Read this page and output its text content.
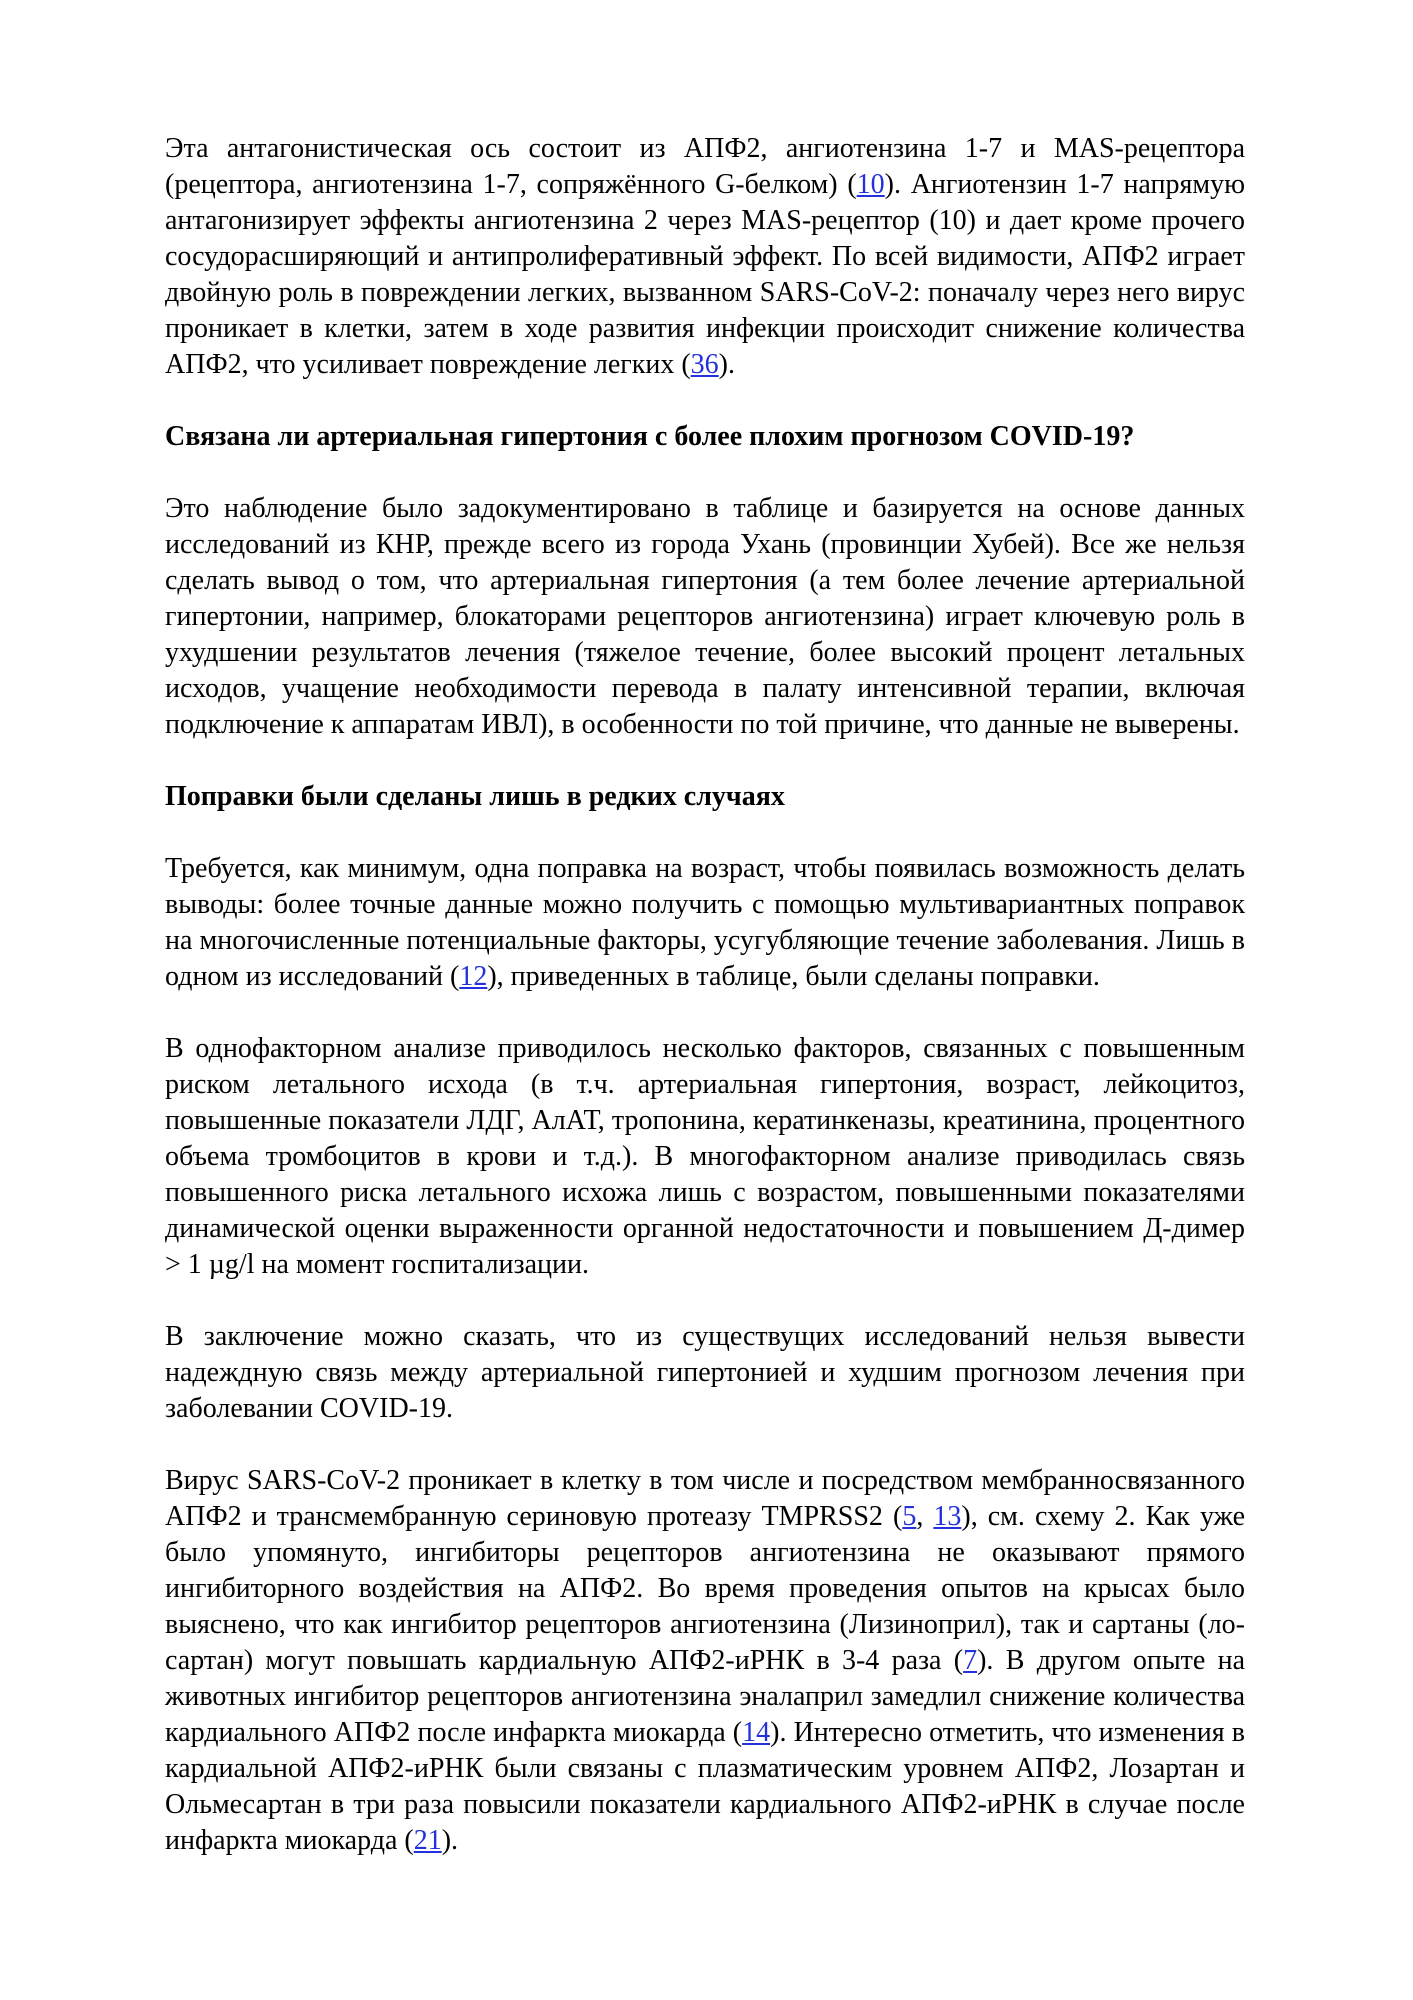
Эта антагонистическая ось состоит из АПФ2, ангиотензина 1-7 и MAS-рецептора (рецептора, ангиотензина 1-7, сопряжённого G-белком) (10). Ангиотензин 1-7 напрямую антагонизирует эффекты ангиотензина 2 через MAS-рецептор (10) и дает кроме прочего сосудорасширяющий и антипролиферативный эффект. По всей видимости, АПФ2 играет двойную роль в повреждении легких, вызванном SARS-CoV-2: поначалу через него вирус проникает в клетки, затем в ходе развития инфекции происходит снижение количества АПФ2, что усиливает повреждение легких (36).

Связана ли артериальная гипертония с более плохим прогнозом COVID-19?

Это наблюдение было задокументировано в таблице и базируется на основе данных исследований из КНР, прежде всего из города Ухань (провинции Хубей). Все же нельзя сделать вывод о том, что артериальная гипертония (а тем более лечение артериальной гипертонии, например, блокаторами рецепторов ангиотензина) играет ключевую роль в ухудшении результатов лечения (тяжелое течение, более высокий процент летальных исходов, учащение необходимости перевода в палату интенсивной терапии, включая подключение к аппаратам ИВЛ), в особенности по той причине, что данные не выверены.

Поправки были сделаны лишь в редких случаях

Требуется, как минимум, одна поправка на возраст, чтобы появилась возможность делать выводы: более точные данные можно получить с помощью мультивариантных поправок на многочисленные потенциальные факторы, усугубляющие течение заболевания. Лишь в одном из исследований (12), приведенных в таблице, были сделаны поправки.

В однофакторном анализе приводилось несколько факторов, связанных с повышенным риском летального исхода (в т.ч. артериальная гипертония, возраст, лейкоцитоз, повышенные показатели ЛДГ, АлАТ, тропонина, кератинкеназы, креатинина, процентного объема тромбоцитов в крови и т.д.). В многофакторном анализе приводилась связь повышенного риска летального исхожа лишь с возрастом, повышенными показателями динамической оценки выраженности органной недостаточности и повышением Д-димер > 1 µg/l на момент госпитализации.

В заключение можно сказать, что из существущих исследований нельзя вывести надеждную связь между артериальной гипертонией и худшим прогнозом лечения при заболевании COVID-19.

Вирус SARS-CoV-2 проникает в клетку в том числе и посредством мембранносвязанного АПФ2 и трансмембранную сериновую протеазу TMPRSS2 (5, 13), см. схему 2. Как уже было упомянуто, ингибиторы рецепторов ангиотензина не оказывают прямого ингибиторного воздействия на АПФ2. Во время проведения опытов на крысах было выяснено, что как ингибитор рецепторов ангиотензина (Лизиноприл), так и сартаны (ло-сартан) могут повышать кардиальную АПФ2-иРНК в 3-4 раза (7). В другом опыте на животных ингибитор рецепторов ангиотензина эналаприл замедлил снижение количества кардиального АПФ2 после инфаркта миокарда (14). Интересно отметить, что изменения в кардиальной АПФ2-иРНК были связаны с плазматическим уровнем АПФ2, Лозартан и Ольмесартан в три раза повысили показатели кардиального АПФ2-иРНК в случае после инфаркта миокарда (21).
